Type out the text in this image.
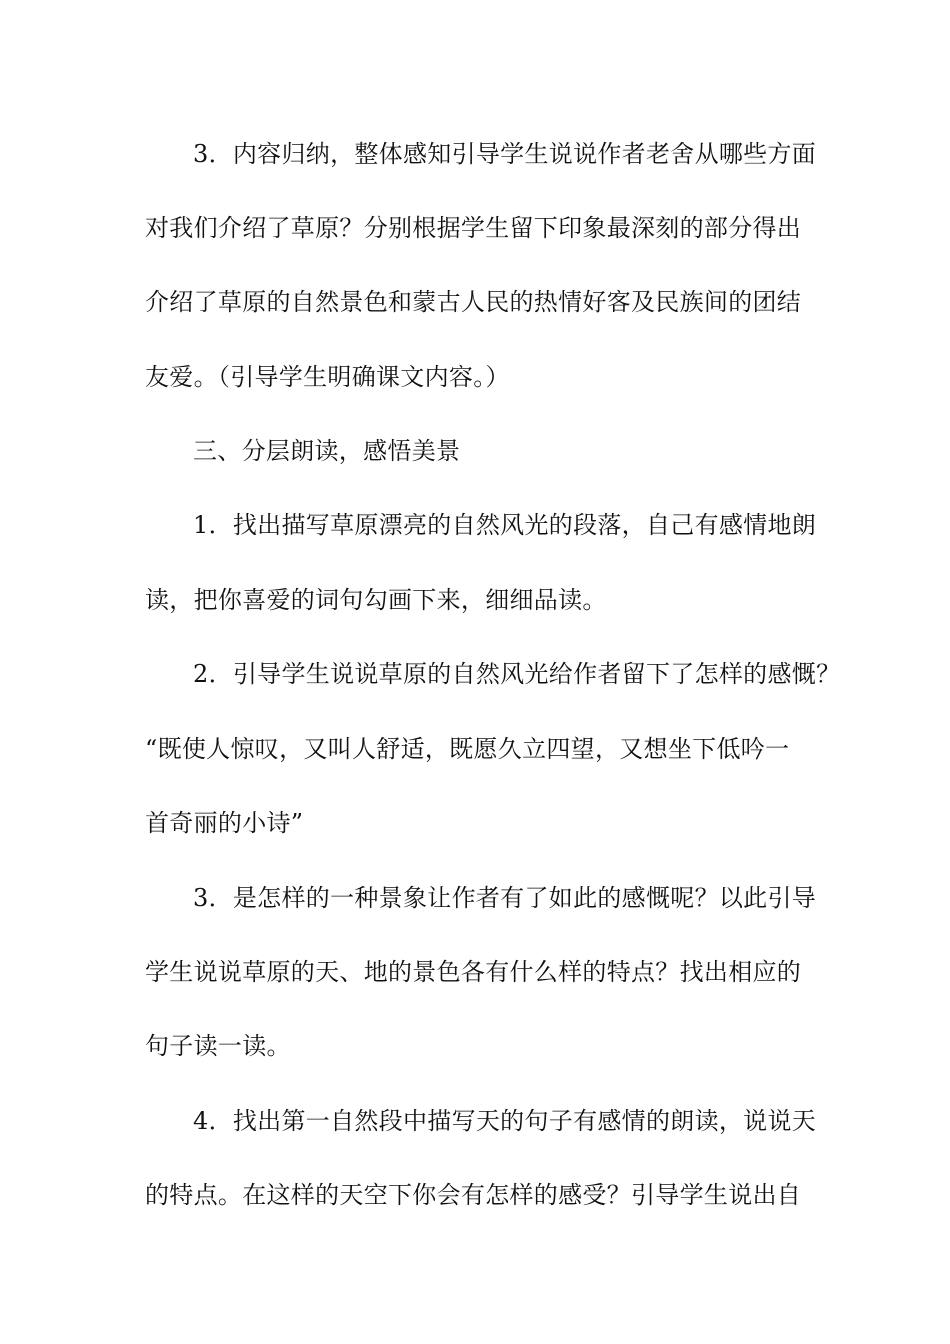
3．内容归纳，整体感知引导学生说说作者老舍从哪些方面

对我们介绍了草原？分别根据学生留下印象最深刻的部分得出

介绍了草原的自然景色和蒙古人民的热情好客及民族间的团结

友爱。（引导学生明确课文内容。）

三、分层朗读，感悟美景

1．找出描写草原漂亮的自然风光的段落，自己有感情地朗

读，把你喜爱的词句勾画下来，细细品读。

2．引导学生说说草原的自然风光给作者留下了怎样的感慨？

“既使人惊叹，又叫人舒适，既愿久立四望，又想坐下低吟一

首奇丽的小诗”

3．是怎样的一种景象让作者有了如此的感慨呢？以此引导

学生说说草原的天、地的景色各有什么样的特点？找出相应的

句子读一读。

4．找出第一自然段中描写天的句子有感情的朗读，说说天

的特点。在这样的天空下你会有怎样的感受？引导学生说出自
